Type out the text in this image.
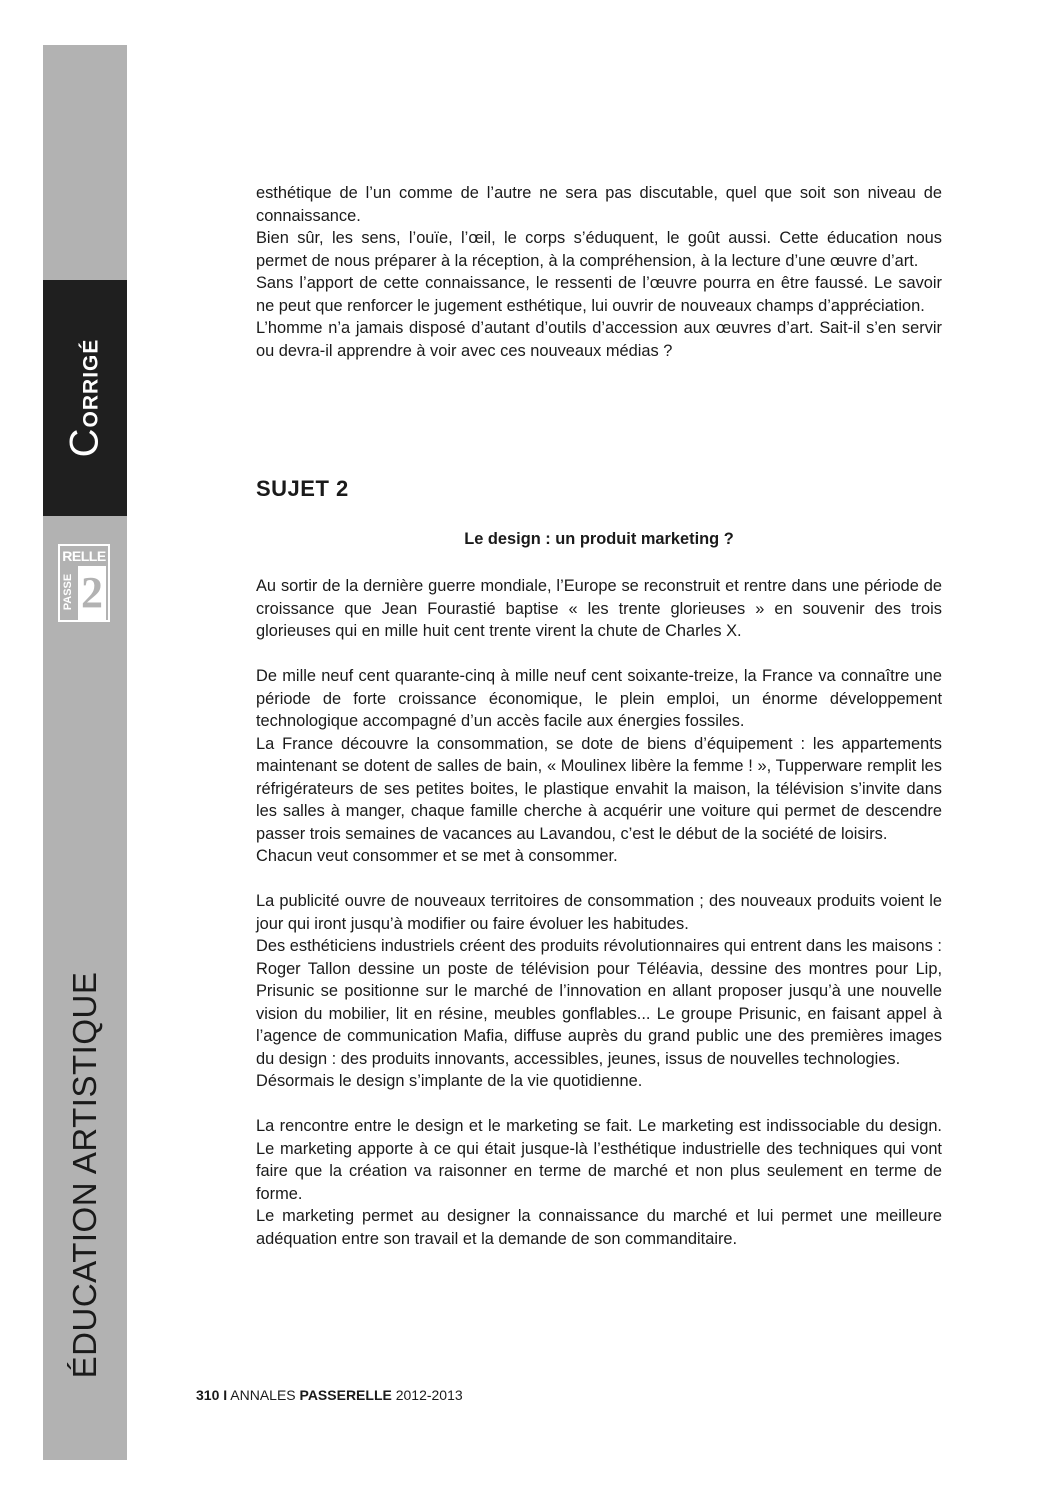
Corrigé
RELLE
PASSE 2
ÉDUCATION ARTISTIQUE

esthétique de l’un comme de l’autre ne sera pas discutable, quel que soit son niveau de connaissance.

Bien sûr, les sens, l’ouïe, l’œil, le corps s’éduquent, le goût aussi. Cette éducation nous permet de nous préparer à la réception, à la compréhension, à la lecture d’une œuvre d’art.

Sans l’apport de cette connaissance, le ressenti de l’œuvre pourra en être faussé. Le savoir ne peut que renforcer le jugement esthétique, lui ouvrir de nouveaux champs d’appréciation.

L’homme n’a jamais disposé d’autant d’outils d’accession aux œuvres d’art. Sait-il s’en servir ou devra-il apprendre à voir avec ces nouveaux médias ?

SUJET 2
Le design : un produit marketing ?

Au sortir de la dernière guerre mondiale, l’Europe se reconstruit et rentre dans une période de croissance que Jean Fourastié baptise « les trente glorieuses » en souvenir des trois glorieuses qui en mille huit cent trente virent la chute de Charles X.

De mille neuf cent quarante-cinq à mille neuf cent soixante-treize, la France va connaître une période de forte croissance économique, le plein emploi, un énorme développement technologique accompagné d’un accès facile aux énergies fossiles.

La France découvre la consommation, se dote de biens d’équipement : les appartements maintenant se dotent de salles de bain, « Moulinex libère la femme ! », Tupperware remplit les réfrigérateurs de ses petites boites, le plastique envahit la maison, la télévision s’invite dans les salles à manger, chaque famille cherche à acquérir une voiture qui permet de descendre passer trois semaines de vacances au Lavandou, c’est le début de la société de loisirs.

Chacun veut consommer et se met à consommer.

La publicité ouvre de nouveaux territoires de consommation ; des nouveaux produits voient le jour qui iront jusqu’à modifier ou faire évoluer les habitudes.

Des esthéticiens industriels créent des produits révolutionnaires qui entrent dans les maisons : Roger Tallon dessine un poste de télévision pour Téléavia, dessine des montres pour Lip, Prisunic se positionne sur le marché de l’innovation en allant proposer jusqu’à une nouvelle vision du mobilier, lit en résine, meubles gonflables... Le groupe Prisunic, en faisant appel à l’agence de communication Mafia, diffuse auprès du grand public une des premières images du design : des produits innovants, accessibles, jeunes, issus de nouvelles technologies.

Désormais le design s’implante de la vie quotidienne.

La rencontre entre le design et le marketing se fait. Le marketing est indissociable du design. Le marketing apporte à ce qui était jusque-là l’esthétique industrielle des techniques qui vont faire que la création va raisonner en terme de marché et non plus seulement en terme de forme.

Le marketing permet au designer la connaissance du marché et lui permet une meilleure adéquation entre son travail et la demande de son commanditaire.

310 I ANNALES PASSERELLE 2012-2013
